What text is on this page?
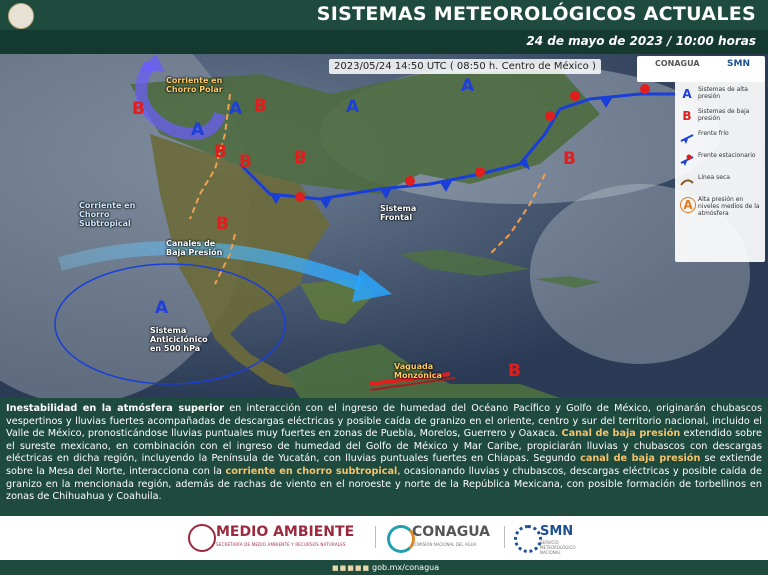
SISTEMAS METEOROLÓGICOS ACTUALES
24 de mayo de 2023 / 10:00 horas
2023/05/24 14:50 UTC ( 08:50 h. Centro de México )	CONAGUA	SMN
A
A
A
A
A
B	B
B B B	B
B
B
Corriente en Chorro Polar
Corriente en Chorro Subtropical
Canales de Baja Presión
Sistema Frontal
Sistema Anticiclónico en 500 hPa
Vaguada Monzónica
A	Sistemas de alta presión
B	Sistemas de baja presión
Frente frío
Frente estacionario
Línea seca
A Alta presión en niveles medios de la atmósfera
Inestabilidad en la atmósfera superior en interacción con el ingreso de humedad del Océano Pacífico y Golfo de México, originarán chubascos vespertinos y lluvias fuertes acompañadas de descargas eléctricas y posible caída de granizo en el oriente, centro y sur del territorio nacional, incluido el Valle de México, pronosticándose lluvias puntuales muy fuertes en zonas de Puebla, Morelos, Guerrero y Oaxaca. Canal de baja presión extendido sobre el sureste mexicano, en combinación con el ingreso de humedad del Golfo de México y Mar Caribe, propiciarán lluvias y chubascos con descargas eléctricas en dicha región, incluyendo la Península de Yucatán, con lluvias puntuales fuertes en Chiapas. Segundo canal de baja presión se extiende sobre la Mesa del Norte, interacciona con la corriente en chorro subtropical, ocasionando lluvias y chubascos, descargas eléctricas y posible caída de granizo en la mencionada región, además de rachas de viento en el noroeste y norte de la República Mexicana, con posible formación de torbellinos en zonas de Chihuahua y Coahuila.
MEDIO AMBIENTE
SECRETARÍA DE MEDIO AMBIENTE Y RECURSOS NATURALES
CONAGUA
COMISIÓN NACIONAL DEL AGUA
SMN
SERVICIO METEOROLÓGICO NACIONAL
■■■■■ gob.mx/conagua
